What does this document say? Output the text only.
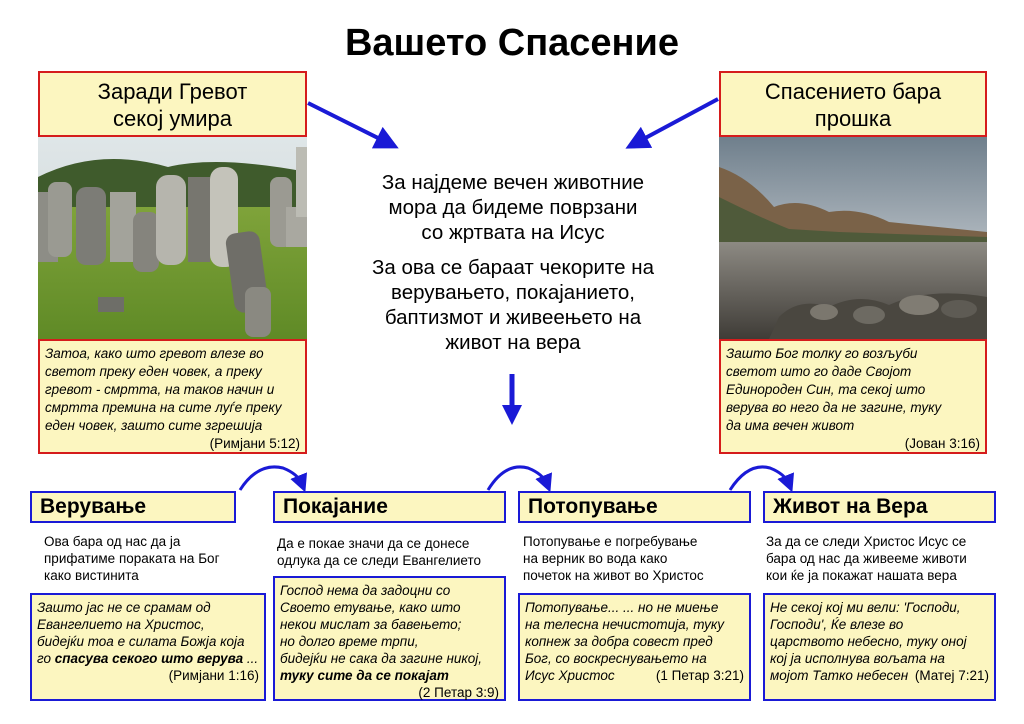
Вашето Спасение
Заради Гревот
секој умира
Спасението бара
прошка
За најдеме вечен животние
мора да бидеме поврзани
со жртвата на Исус
За ова се бараат чекорите на
верувањето, покајанието,
баптизмот и живеењето на
живот на вера
Затоа, како што гревот влезе во
светот преку еден човек, а преку
гревот - смртта, на таков начин и
смртта премина на сите луѓе преку
еден човек, зашто сите згрешија
(Римјани 5:12)
Зашто Бог толку го возљуби
светот што го даде Својот
Единороден Син, та секој што
верува во него да не загине, туку
да има вечен живот
(Јован 3:16)
Верување
Ова бара од нас да ја
прифатиме пораката на Бог
како вистинита
Зашто јас не се срамам од
Евангелието на Христос,
бидејќи тоа е силата Божја која
го спасува секого што верува ...
(Римјани 1:16)
Покајание
Да е покае значи да се донесе
одлука да се следи Евангелието
Господ нема да задоцни со
Своето етување, како што
некои мислат за бавењето;
но долго време трпи,
бидејќи не сака да загине никој,
туку сите да се покајат
(2 Петар 3:9)
Потопување
Потопувањe е погребување
на верник во вода како
почеток на живот во Христос
Потопување... ... но не миење
на телесна нечистотија, туку
копнеж за добра совест пред
Бог, со воскреснувањето на
Исус Христос	(1 Петар 3:21)
Живот на Вера
За да се следи Христос Исус се
бара од нас да живееме животи
кои ќе ја покажат нашата вера
Не секој кој ми вели: 'Господи,
Господи', Ќе влезе во
царството небесно, туку оној
кој ја исполнува вољата на
мојот Татко небесен (Матеј 7:21)
